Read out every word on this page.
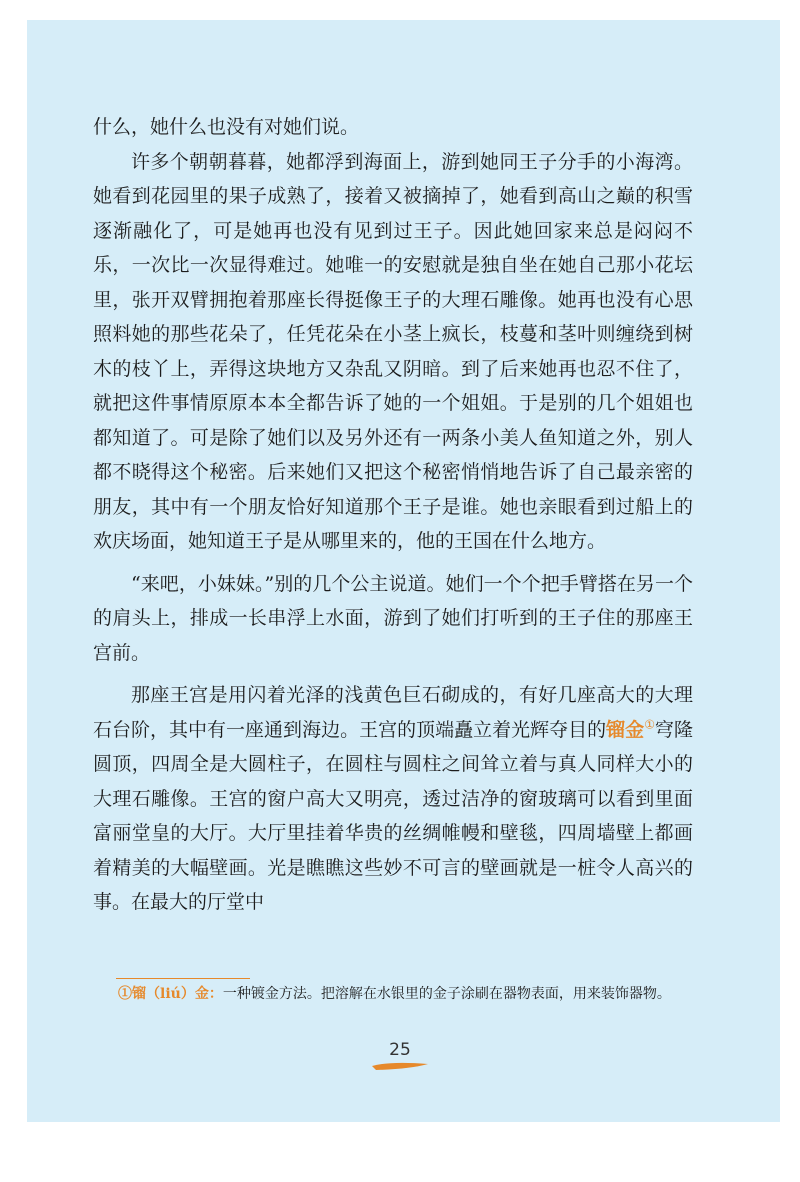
什么，她什么也没有对她们说。

许多个朝朝暮暮，她都浮到海面上，游到她同王子分手的小海湾。她看到花园里的果子成熟了，接着又被摘掉了，她看到高山之巅的积雪逐渐融化了，可是她再也没有见到过王子。因此她回家来总是闷闷不乐，一次比一次显得难过。她唯一的安慰就是独自坐在她自己那小花坛里，张开双臂拥抱着那座长得挺像王子的大理石雕像。她再也没有心思照料她的那些花朵了，任凭花朵在小茎上疯长，枝蔓和茎叶则缠绕到树木的枝丫上，弄得这块地方又杂乱又阴暗。到了后来她再也忍不住了，就把这件事情原原本本全都告诉了她的一个姐姐。于是别的几个姐姐也都知道了。可是除了她们以及另外还有一两条小美人鱼知道之外，别人都不晓得这个秘密。后来她们又把这个秘密悄悄地告诉了自己最亲密的朋友，其中有一个朋友恰好知道那个王子是谁。她也亲眼看到过船上的欢庆场面，她知道王子是从哪里来的，他的王国在什么地方。

“来吧，小妹妹。”别的几个公主说道。她们一个个把手臂搭在另一个的肩头上，排成一长串浮上水面，游到了她们打听到的王子住的那座王宫前。

那座王宫是用闪着光泽的浅黄色巨石砌成的，有好几座高大的大理石台阶，其中有一座通到海边。王宫的顶端矗立着光辉夺目的镏金①穹隆圆顶，四周全是大圆柱子，在圆柱与圆柱之间耸立着与真人同样大小的大理石雕像。王宫的窗户高大又明亮，透过洁净的窗玻璃可以看到里面富丽堂皇的大厅。大厅里挂着华贵的丝绸帷幔和壁毯，四周墙壁上都画着精美的大幅壁画。光是瞧瞧这些妙不可言的壁画就是一桩令人高兴的事。在最大的厅堂中

①镏（liú）金：一种镀金方法。把溶解在水银里的金子涂刷在器物表面，用来装饰器物。
25
